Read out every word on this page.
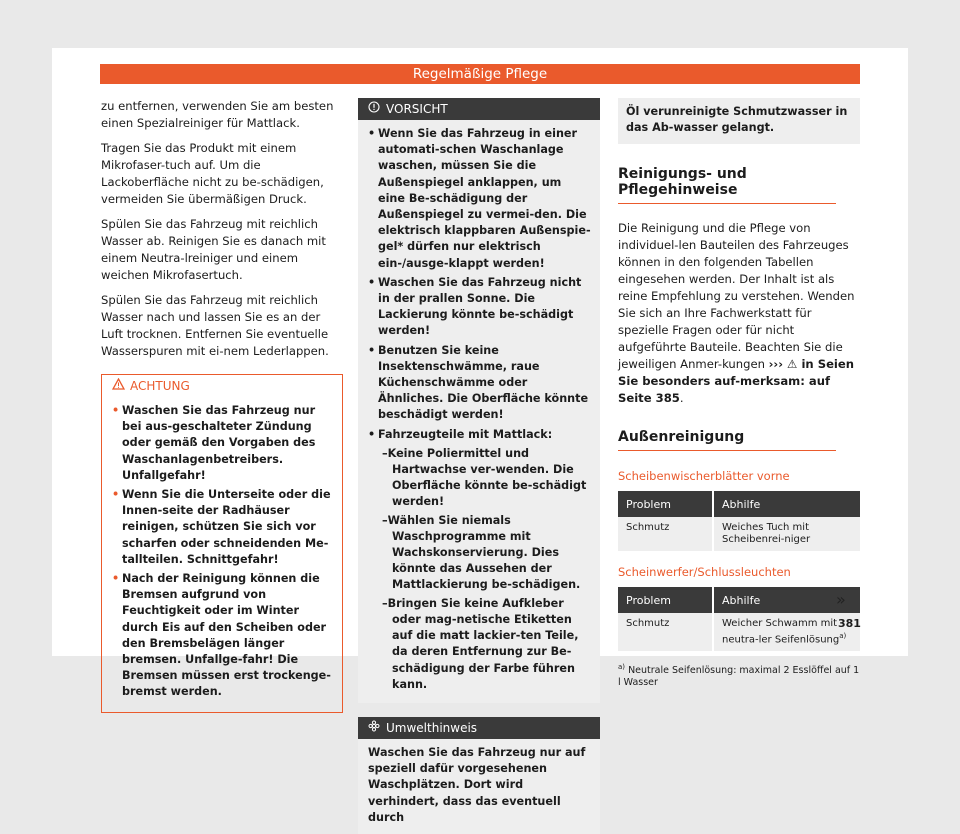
Regelmäßige Pflege

zu entfernen, verwenden Sie am besten einen Spezialreiniger für Mattlack.

Tragen Sie das Produkt mit einem Mikrofaser-tuch auf. Um die Lackoberfläche nicht zu be-schädigen, vermeiden Sie übermäßigen Druck.

Spülen Sie das Fahrzeug mit reichlich Wasser ab. Reinigen Sie es danach mit einem Neutra-lreiniger und einem weichen Mikrofasertuch.

Spülen Sie das Fahrzeug mit reichlich Wasser nach und lassen Sie es an der Luft trocknen. Entfernen Sie eventuelle Wasserspuren mit ei-nem Lederlappen.

ACHTUNG
• Waschen Sie das Fahrzeug nur bei aus-geschalteter Zündung oder gemäß den Vorgaben des Waschanlagenbetreibers. Unfallgefahr!
• Wenn Sie die Unterseite oder die Innen-seite der Radhäuser reinigen, schützen Sie sich vor scharfen oder schneidenden Me-tallteilen. Schnittgefahr!
• Nach der Reinigung können die Bremsen aufgrund von Feuchtigkeit oder im Winter durch Eis auf den Scheiben oder den Bremsbelägen länger bremsen. Unfallge-fahr! Die Bremsen müssen erst trockenge-bremst werden.
VORSICHT
• Wenn Sie das Fahrzeug in einer automati-schen Waschanlage waschen, müssen Sie die Außenspiegel anklappen, um eine Be-schädigung der Außenspiegel zu vermei-den. Die elektrisch klappbaren Außenspie-gel* dürfen nur elektrisch ein-/ausge-klappt werden!
• Waschen Sie das Fahrzeug nicht in der prallen Sonne. Die Lackierung könnte be-schädigt werden!
• Benutzen Sie keine Insektenschwämme, raue Küchenschwämme oder Ähnliches. Die Oberfläche könnte beschädigt werden!
• Fahrzeugteile mit Mattlack:
–Keine Poliermittel und Hartwachse ver-wenden. Die Oberfläche könnte be-schädigt werden!
–Wählen Sie niemals Waschprogramme mit Wachskonservierung. Dies könnte das Aussehen der Mattlackierung be-schädigen.
–Bringen Sie keine Aufkleber oder mag-netische Etiketten auf die matt lackier-ten Teile, da deren Entfernung zur Be-schädigung der Farbe führen kann.
Umwelthinweis
Waschen Sie das Fahrzeug nur auf speziell dafür vorgesehenen Waschplätzen. Dort wird verhindert, dass das eventuell durch
Öl verunreinigte Schmutzwasser in das Ab-wasser gelangt.
Reinigungs- und Pflegehinweise

Die Reinigung und die Pflege von individuel-len Bauteilen des Fahrzeuges können in den folgenden Tabellen eingesehen werden. Der Inhalt ist als reine Empfehlung zu verstehen. Wenden Sie sich an Ihre Fachwerkstatt für spezielle Fragen oder für nicht aufgeführte Bauteile. Beachten Sie die jeweiligen Anmer-kungen ››› ⚠ in Seien Sie besonders auf-merksam: auf Seite 385.

Außenreinigung
Scheibenwischerblätter vorne
Problem	Abhilfe
Schmutz	Weiches Tuch mit Scheibenrei-niger
Scheinwerfer/Schlussleuchten
Problem	Abhilfe
Schmutz	Weicher Schwamm mit neutra-ler Seifenlösung$^{a)}$
$^{a)}$ Neutrale Seifenlösung: maximal 2 Esslöffel auf 1 l Wasser
»
381
